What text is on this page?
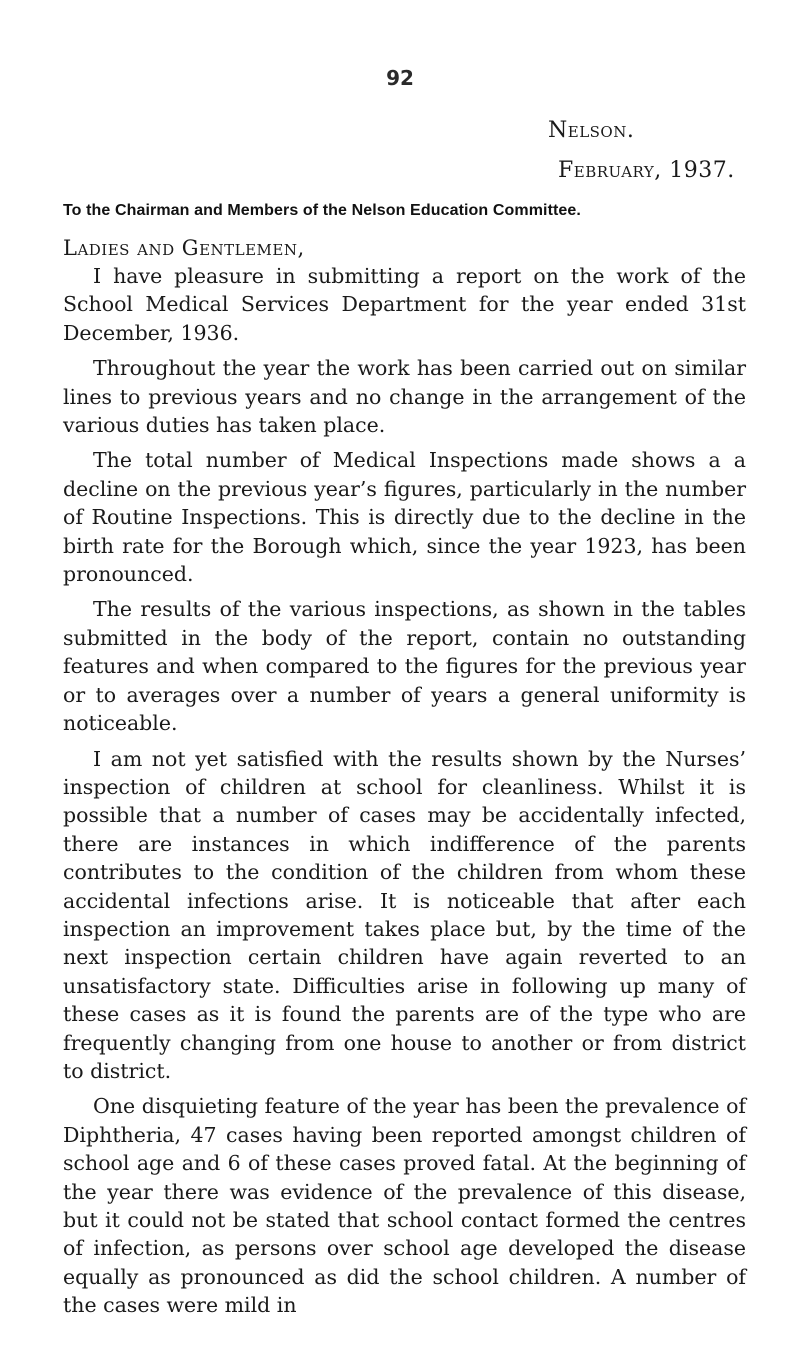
92
Nelson.
February, 1937.
To the Chairman and Members of the Nelson Education Committee.
Ladies and Gentlemen,

I have pleasure in submitting a report on the work of the School Medical Services Department for the year ended 31st December, 1936.

Throughout the year the work has been carried out on similar lines to previous years and no change in the arrangement of the various duties has taken place.

The total number of Medical Inspections made shows a a decline on the previous year’s figures, particularly in the number of Routine Inspections. This is directly due to the decline in the birth rate for the Borough which, since the year 1923, has been pronounced.

The results of the various inspections, as shown in the tables submitted in the body of the report, contain no outstanding features and when compared to the figures for the previous year or to averages over a number of years a general uniformity is noticeable.

I am not yet satisfied with the results shown by the Nurses’ inspection of children at school for cleanliness. Whilst it is possible that a number of cases may be accidentally infected, there are instances in which indifference of the parents contributes to the condition of the children from whom these accidental infections arise. It is noticeable that after each inspection an improvement takes place but, by the time of the next inspection certain children have again reverted to an unsatisfactory state. Difficulties arise in following up many of these cases as it is found the parents are of the type who are frequently changing from one house to another or from district to district.

One disquieting feature of the year has been the prevalence of Diphtheria, 47 cases having been reported amongst children of school age and 6 of these cases proved fatal. At the beginning of the year there was evidence of the prevalence of this disease, but it could not be stated that school contact formed the centres of infection, as persons over school age developed the disease equally as pronounced as did the school children. A number of the cases were mild in
